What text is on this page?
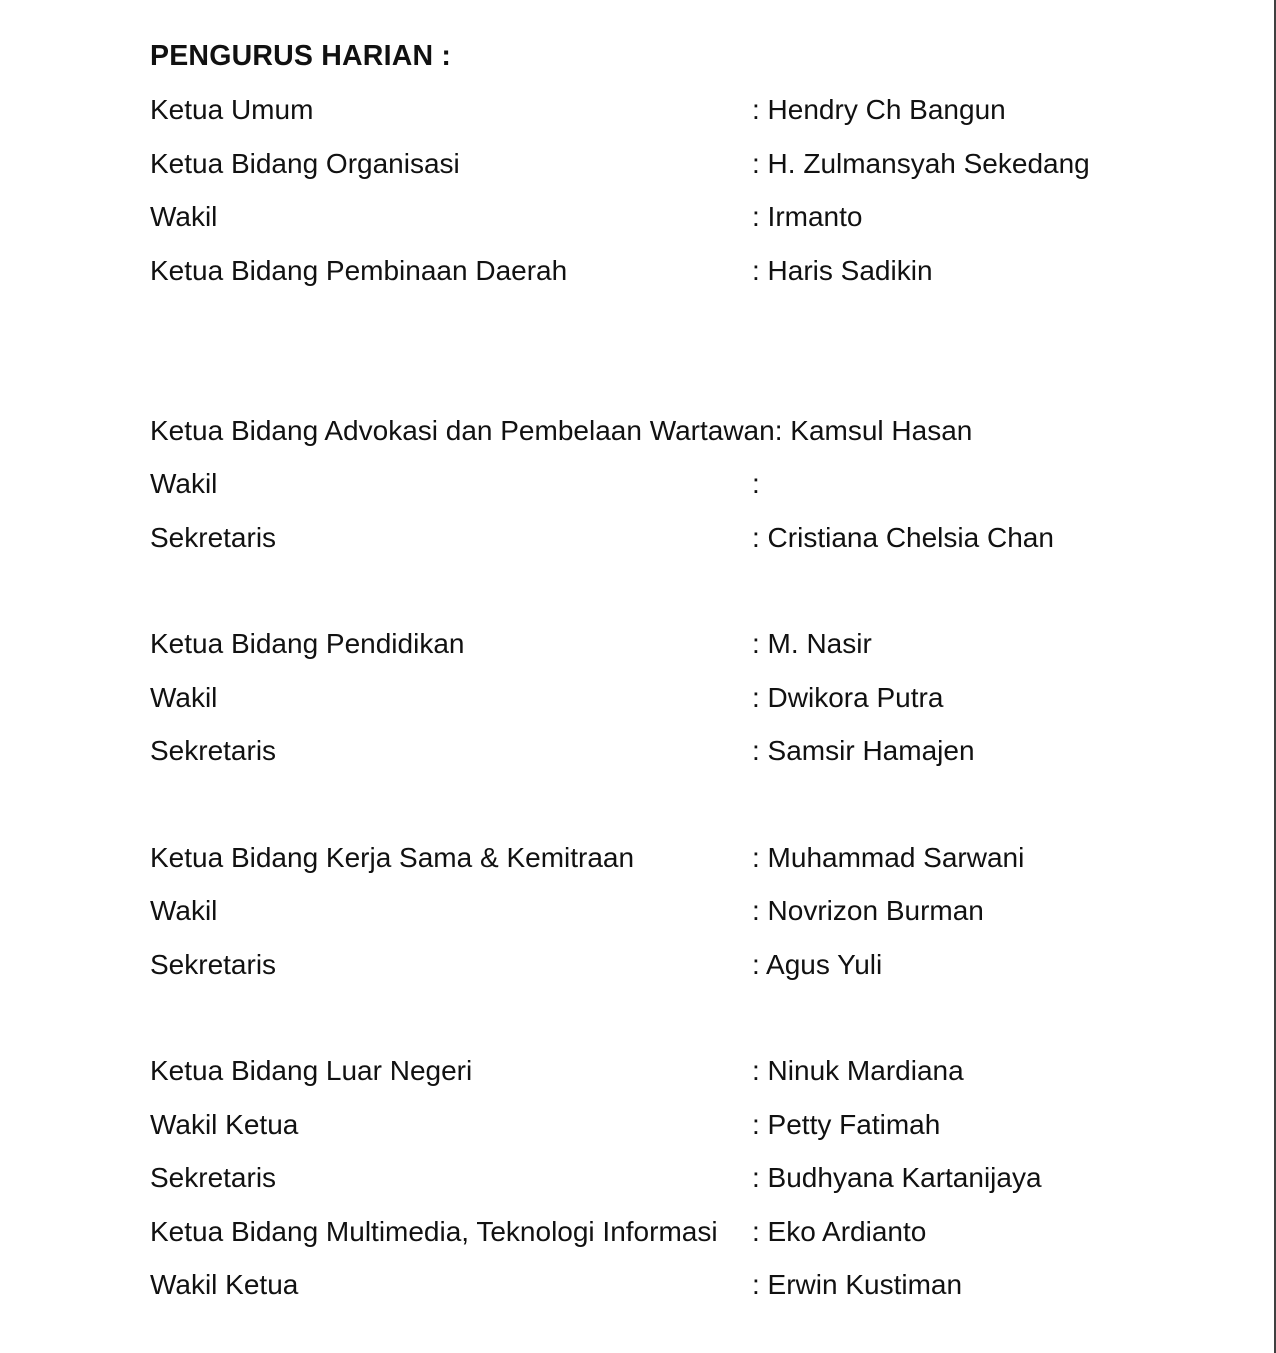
PENGURUS HARIAN :
Ketua Umum	: Hendry Ch Bangun
Ketua Bidang Organisasi	: H. Zulmansyah Sekedang
Wakil	: Irmanto
Ketua Bidang Pembinaan Daerah	: Haris Sadikin
Ketua Bidang Advokasi dan Pembelaan Wartawan : Kamsul Hasan
Wakil	:
Sekretaris	: Cristiana Chelsia Chan
Ketua Bidang Pendidikan	: M. Nasir
Wakil	: Dwikora Putra
Sekretaris	: Samsir Hamajen
Ketua Bidang Kerja Sama & Kemitraan	: Muhammad Sarwani
Wakil	: Novrizon Burman
Sekretaris	: Agus Yuli
Ketua Bidang Luar Negeri	: Ninuk Mardiana
Wakil Ketua	: Petty Fatimah
Sekretaris	: Budhyana Kartanijaya
Ketua Bidang Multimedia, Teknologi Informasi	: Eko Ardianto
Wakil Ketua	: Erwin Kustiman
